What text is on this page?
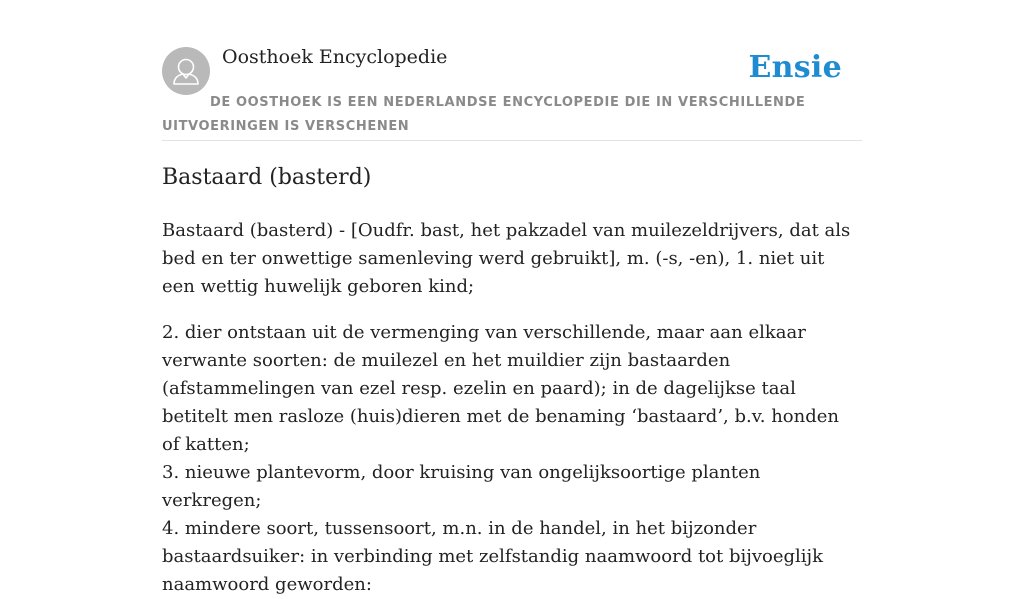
Oosthoek Encyclopedie	Ensie
DE OOSTHOEK IS EEN NEDERLANDSE ENCYCLOPEDIE DIE IN VERSCHILLENDE UITVOERINGEN IS VERSCHENEN
Bastaard (basterd)

Bastaard (basterd) - [Oudfr. bast, het pakzadel van muilezeldrijvers, dat als bed en ter onwettige samenleving werd gebruikt], m. (-s, -en), 1. niet uit een wettig huwelijk geboren kind;

2. dier ontstaan uit de vermenging van verschillende, maar aan elkaar verwante soorten: de muilezel en het muildier zijn bastaarden (afstammelingen van ezel resp. ezelin en paard); in de dagelijkse taal betitelt men rasloze (huis)dieren met de benaming ‘bastaard’, b.v. honden of katten;

3. nieuwe plantevorm, door kruising van ongelijksoortige planten verkregen;

4. mindere soort, tussensoort, m.n. in de handel, in het bijzonder bastaardsuiker: in verbinding met zelfstandig naamwoord tot bijvoeglijk naamwoord geworden:
